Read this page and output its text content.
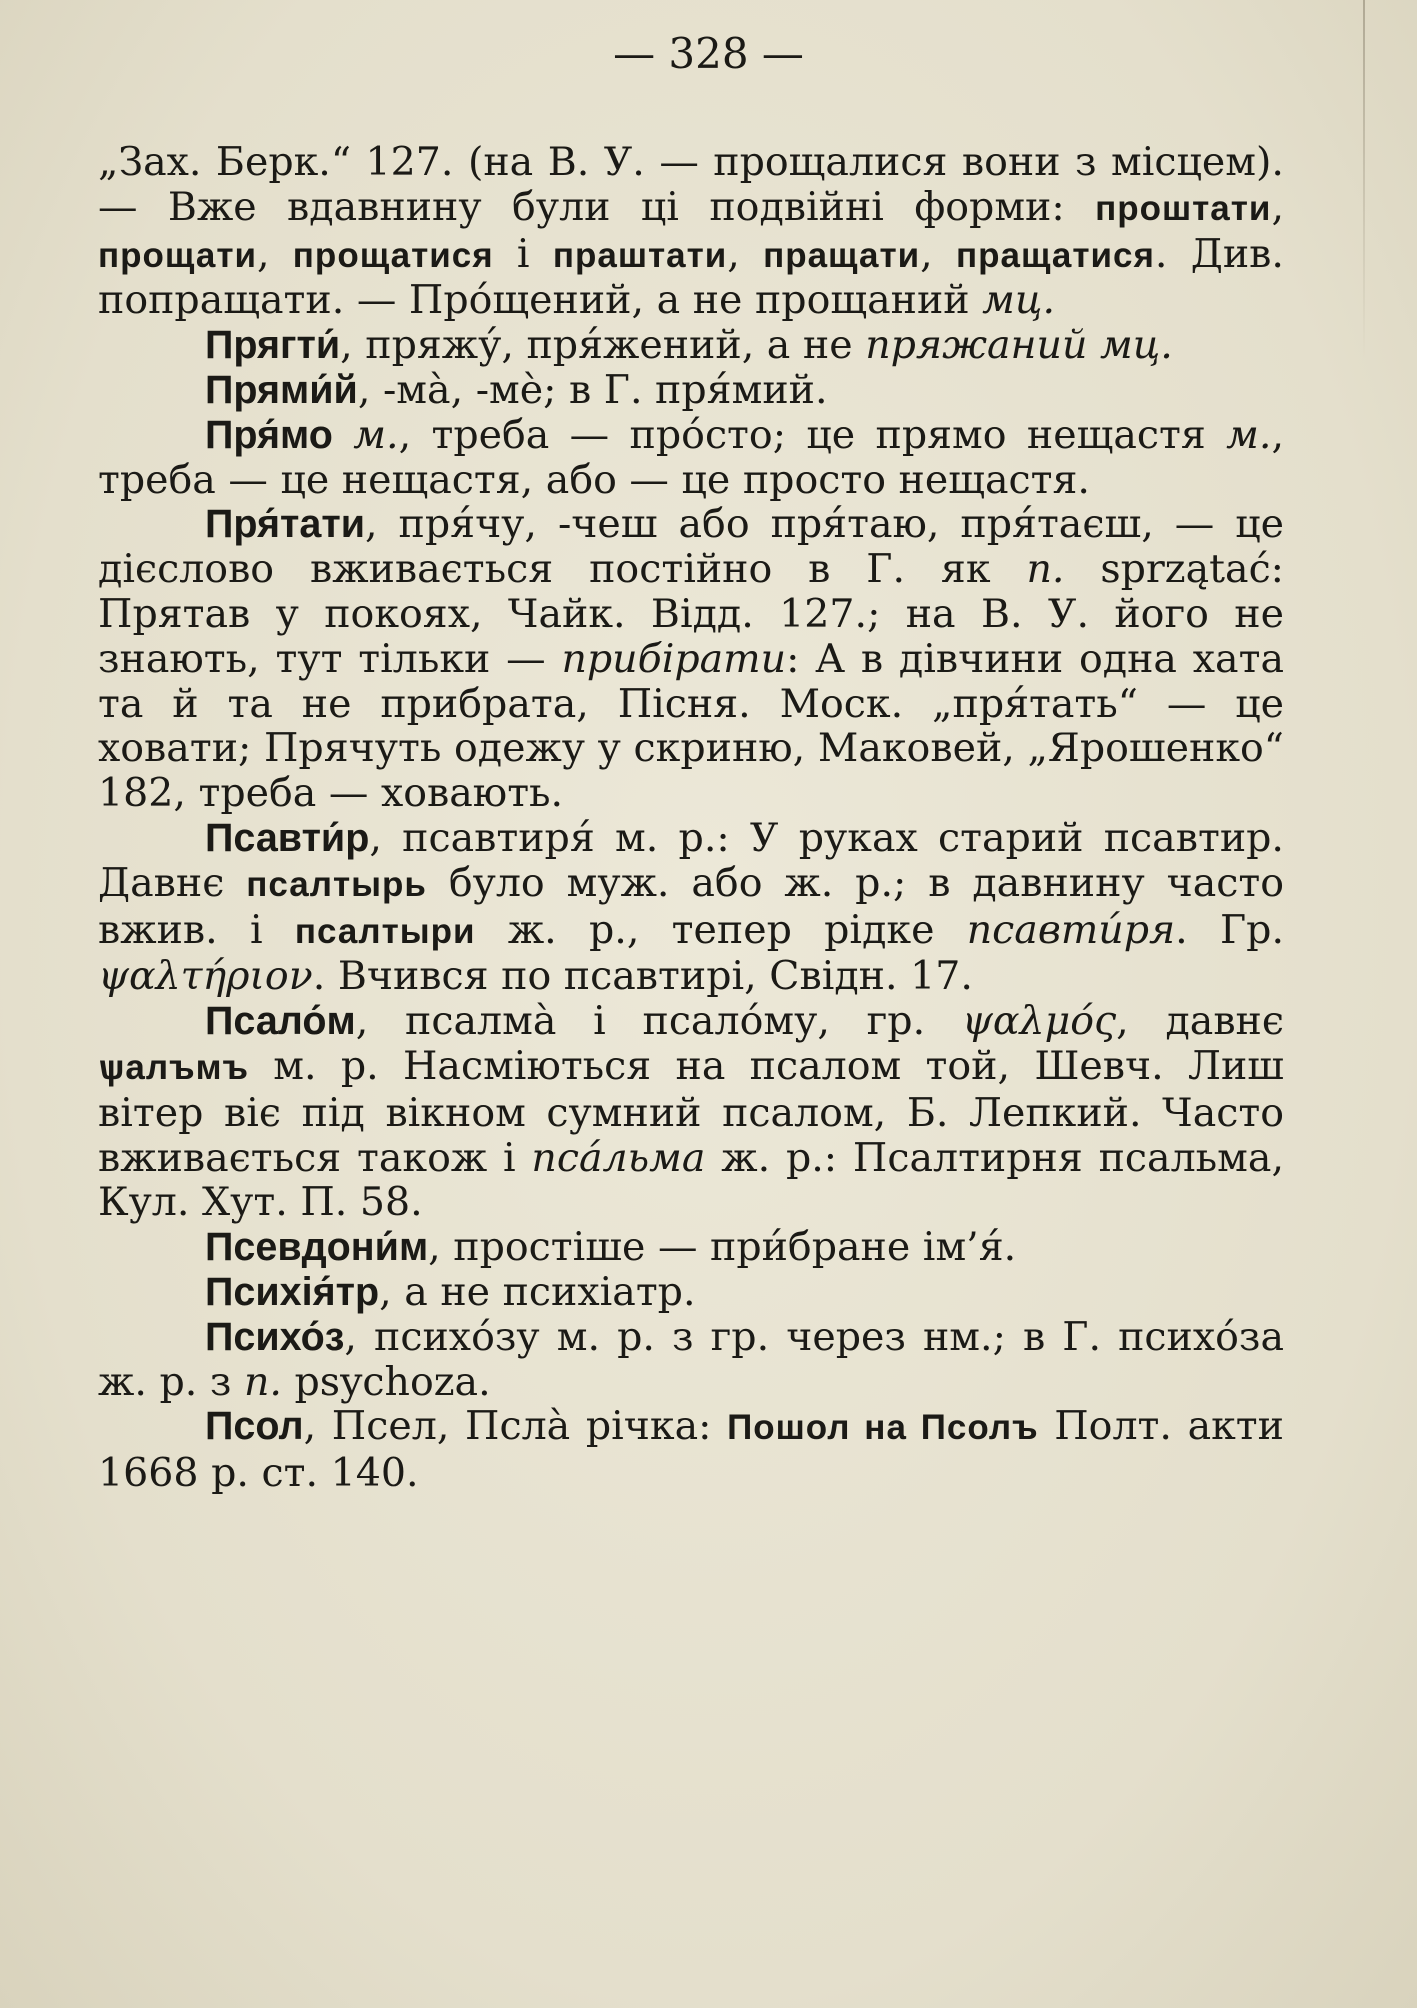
— 328 —

„Зах. Берк.“ 127. (на В. У. — прощалися вони з місцем). — Вже вдавнину були ці подвійні форми: проштати, прощати, прощатися і праштати, пращати, пращатися. Див. попращати. — Прóщений, а не прощаний мц.

Прягти́, пряжу́, пря́жений, а не пряжаний мц.

Прями́й, -мà, -мè; в Г. пря́мий.

Пря́мо м., треба — прóсто; це прямо нещастя м., треба — це нещастя, або — це просто нещастя.

Пря́тати, пря́чу, -чеш або пря́таю, пря́таєш, — це дієслово вживається постійно в Г. як п. sprzątać: Прятав у покоях, Чайк. Відд. 127.; на В. У. його не знають, тут тільки — прибірати: А в дівчини одна хата та й та не прибрата, Пісня. Моск. „пря́тать“ — це ховати; Прячуть одежу у скриню, Маковей, „Ярошенко“ 182, треба — ховають.

Псавти́р, псавтиря́ м. р.: У руках старий псавтир. Давнє псалтырь було муж. або ж. р.; в давнину часто вжив. і псалтыри ж. р., тепер рідке псавти́ря. Гр. ψαλτήριον. Вчився по псавтирі, Свідн. 17.

Псало́м, псалмà і псалóму, гр. ψαλμός, давнє ѱалъмъ м. р. Насміються на псалом той, Шевч. Лиш вітер віє під вікном сумний псалом, Б. Лепкий. Часто вживається також і пса́льма ж. р.: Псалтирня псальма, Кул. Хут. П. 58.

Псевдони́м, простіше — при́бране ім’я́.

Психія́тр, а не психіатр.

Психо́з, психóзу м. р. з гр. через нм.; в Г. психóза ж. р. з п. psychoza.

Псол, Псел, Пслà річка: Пошол на Псолъ Полт. акти 1668 р. ст. 140.
